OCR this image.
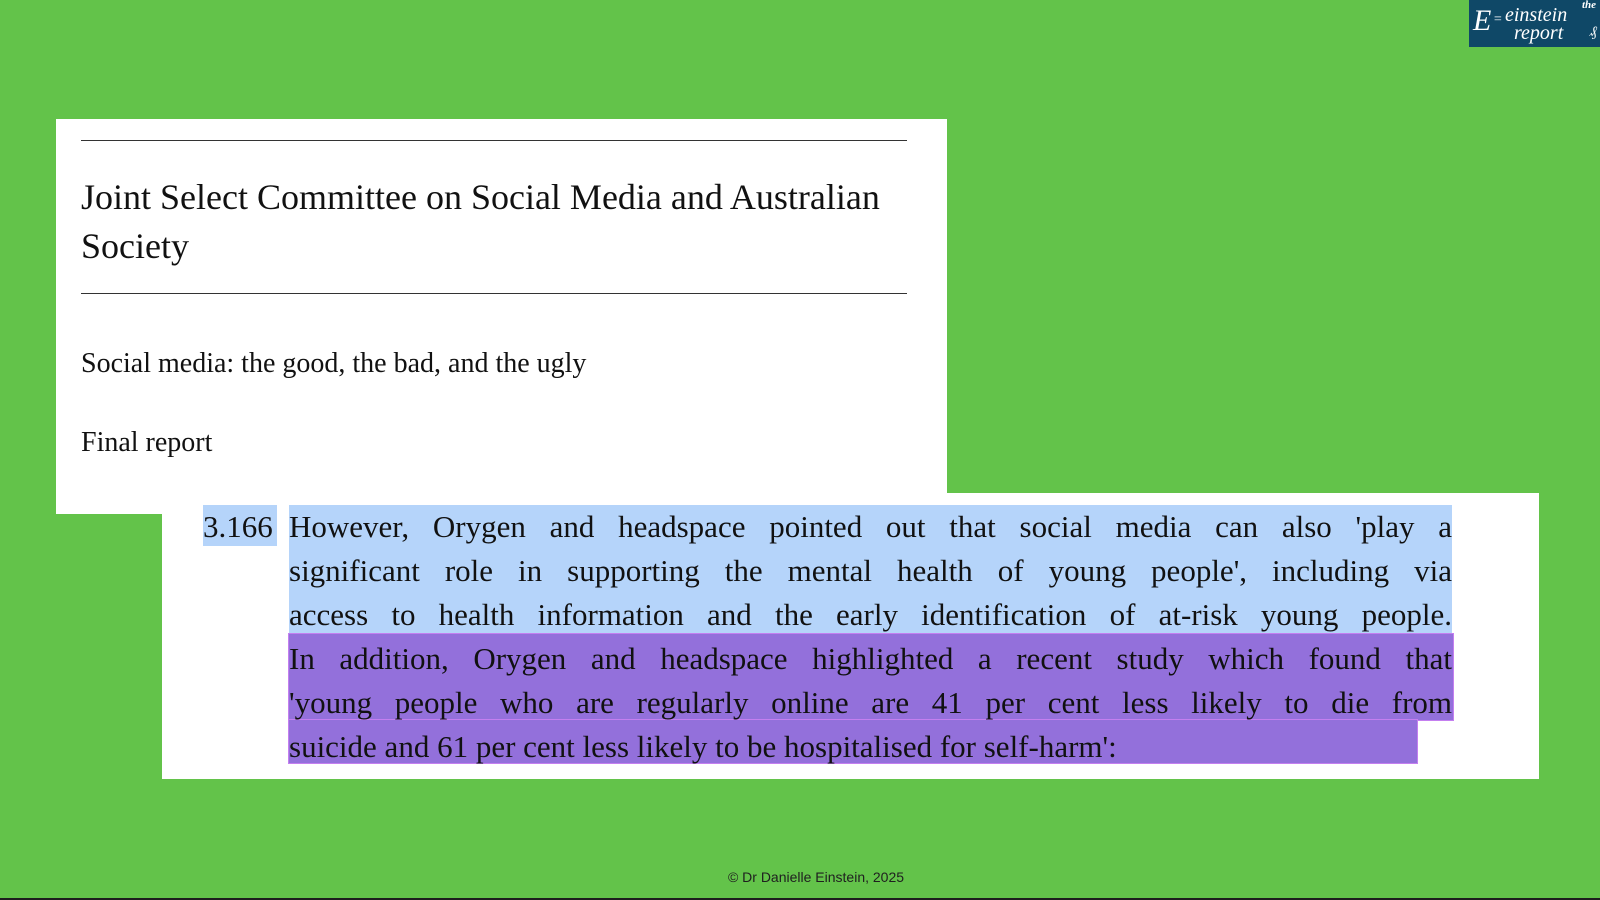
E =
the
einstein
report ₰
Joint Select Committee on Social Media and Australian Society
Social media: the good, the bad, and the ugly
Final report
3.166 However, Orygen and headspace pointed out that social media can also 'play a
significant role in supporting the mental health of young people', including via
access to health information and the early identification of at-risk young people.
In addition, Orygen and headspace highlighted a recent study which found that
'young people who are regularly online are 41 per cent less likely to die from
suicide and 61 per cent less likely to be hospitalised for self-harm':
© Dr Danielle Einstein, 2025
